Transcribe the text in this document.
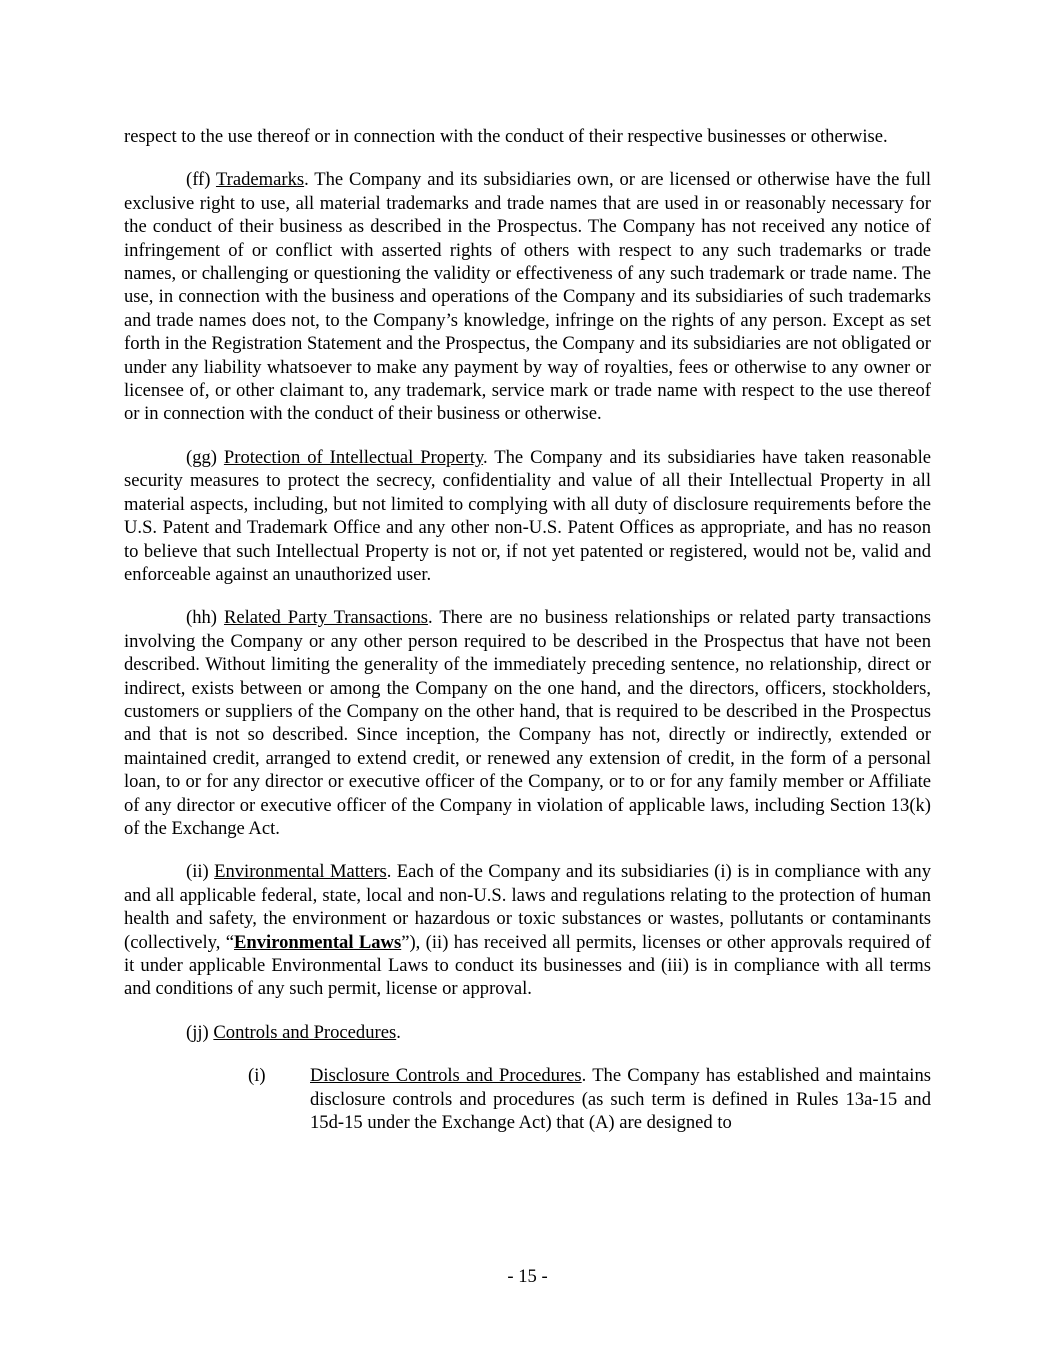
respect to the use thereof or in connection with the conduct of their respective businesses or otherwise.

(ff) Trademarks. The Company and its subsidiaries own, or are licensed or otherwise have the full exclusive right to use, all material trademarks and trade names that are used in or reasonably necessary for the conduct of their business as described in the Prospectus. The Company has not received any notice of infringement of or conflict with asserted rights of others with respect to any such trademarks or trade names, or challenging or questioning the validity or effectiveness of any such trademark or trade name. The use, in connection with the business and operations of the Company and its subsidiaries of such trademarks and trade names does not, to the Company’s knowledge, infringe on the rights of any person. Except as set forth in the Registration Statement and the Prospectus, the Company and its subsidiaries are not obligated or under any liability whatsoever to make any payment by way of royalties, fees or otherwise to any owner or licensee of, or other claimant to, any trademark, service mark or trade name with respect to the use thereof or in connection with the conduct of their business or otherwise.

(gg) Protection of Intellectual Property. The Company and its subsidiaries have taken reasonable security measures to protect the secrecy, confidentiality and value of all their Intellectual Property in all material aspects, including, but not limited to complying with all duty of disclosure requirements before the U.S. Patent and Trademark Office and any other non-U.S. Patent Offices as appropriate, and has no reason to believe that such Intellectual Property is not or, if not yet patented or registered, would not be, valid and enforceable against an unauthorized user.

(hh) Related Party Transactions. There are no business relationships or related party transactions involving the Company or any other person required to be described in the Prospectus that have not been described. Without limiting the generality of the immediately preceding sentence, no relationship, direct or indirect, exists between or among the Company on the one hand, and the directors, officers, stockholders, customers or suppliers of the Company on the other hand, that is required to be described in the Prospectus and that is not so described. Since inception, the Company has not, directly or indirectly, extended or maintained credit, arranged to extend credit, or renewed any extension of credit, in the form of a personal loan, to or for any director or executive officer of the Company, or to or for any family member or Affiliate of any director or executive officer of the Company in violation of applicable laws, including Section 13(k) of the Exchange Act.

(ii) Environmental Matters. Each of the Company and its subsidiaries (i) is in compliance with any and all applicable federal, state, local and non-U.S. laws and regulations relating to the protection of human health and safety, the environment or hazardous or toxic substances or wastes, pollutants or contaminants (collectively, “Environmental Laws”), (ii) has received all permits, licenses or other approvals required of it under applicable Environmental Laws to conduct its businesses and (iii) is in compliance with all terms and conditions of any such permit, license or approval.

(jj) Controls and Procedures.

(i)	Disclosure Controls and Procedures. The Company has established and maintains disclosure controls and procedures (as such term is defined in Rules 13a-15 and 15d-15 under the Exchange Act) that (A) are designed to
- 15 -
